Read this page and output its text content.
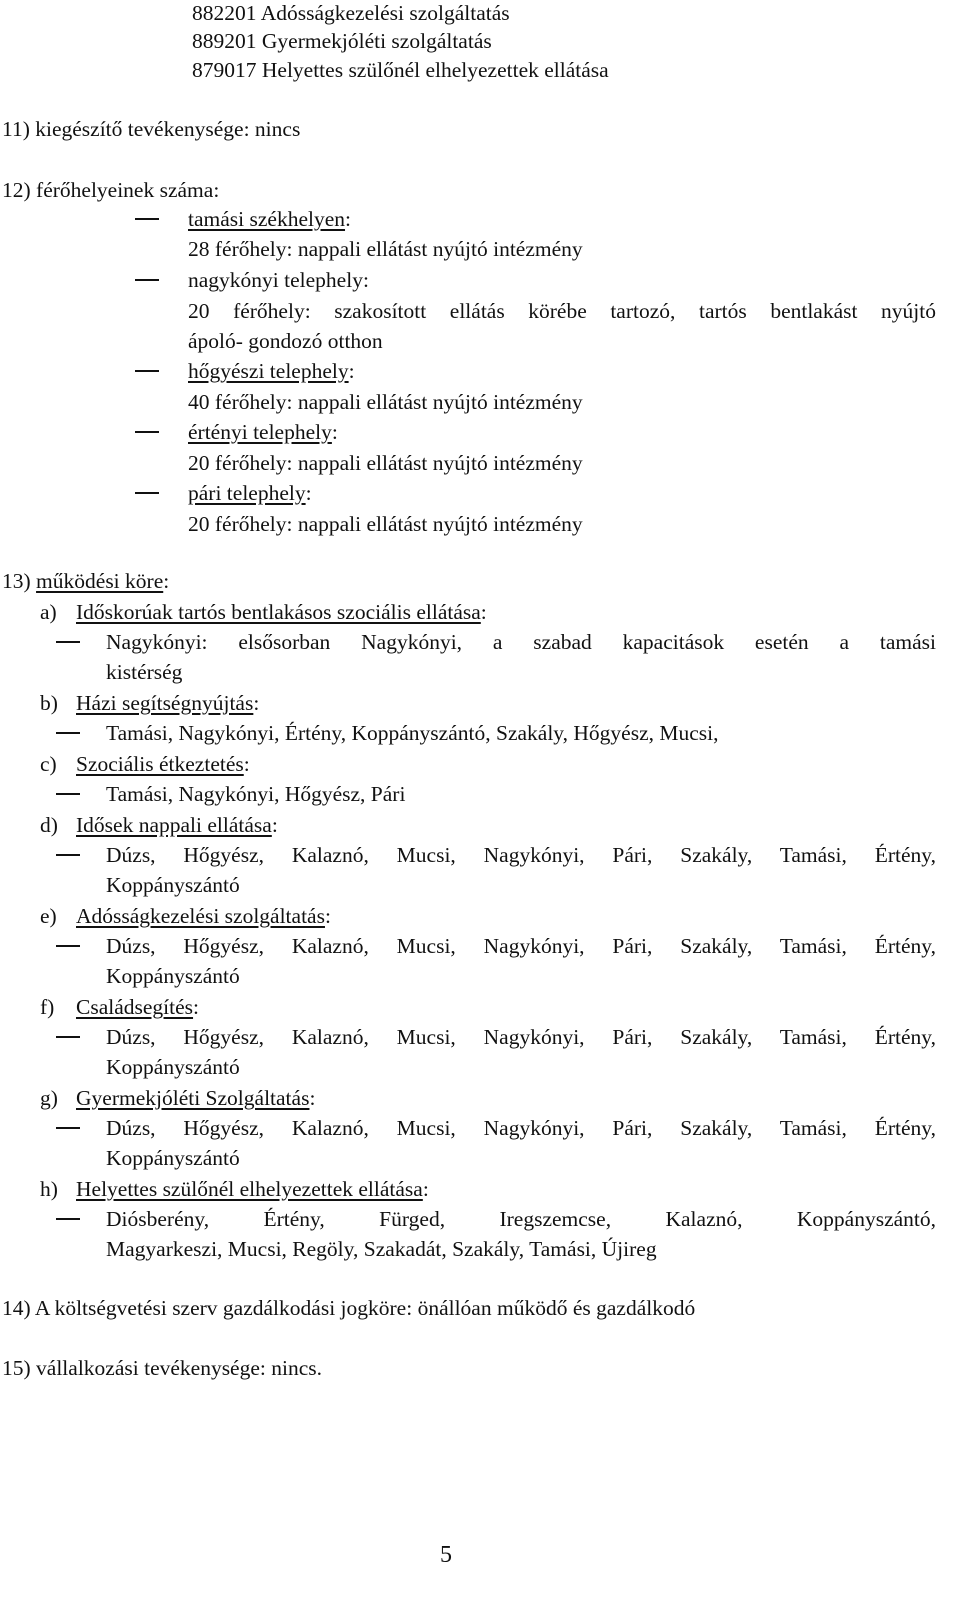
882201 Adósságkezelési szolgáltatás
889201 Gyermekjóléti szolgáltatás
879017 Helyettes szülőnél elhelyezettek ellátása
11) kiegészítő tevékenysége: nincs
12) férőhelyeinek száma:
tamási székhelyen:
28 férőhely: nappali ellátást nyújtó intézmény
nagykónyi telephely:
20 férőhely: szakosított ellátás körébe tartozó, tartós bentlakást nyújtó
ápoló- gondozó otthon
hőgyészi telephely:
40 férőhely: nappali ellátást nyújtó intézmény
értényi telephely:
20 férőhely: nappali ellátást nyújtó intézmény
pári telephely:
20 férőhely: nappali ellátást nyújtó intézmény
13) működési köre:
a) Időskorúak tartós bentlakásos szociális ellátása:
Nagykónyi: elsősorban Nagykónyi, a szabad kapacitások esetén a tamási
kistérség
b) Házi segítségnyújtás:
Tamási, Nagykónyi, Értény, Koppányszántó, Szakály, Hőgyész, Mucsi,
c) Szociális étkeztetés:
Tamási, Nagykónyi, Hőgyész, Pári
d) Idősek nappali ellátása:
Dúzs, Hőgyész, Kalaznó, Mucsi, Nagykónyi, Pári, Szakály, Tamási, Értény,
Koppányszántó
e) Adósságkezelési szolgáltatás:
Dúzs, Hőgyész, Kalaznó, Mucsi, Nagykónyi, Pári, Szakály, Tamási, Értény,
Koppányszántó
f) Családsegítés:
Dúzs, Hőgyész, Kalaznó, Mucsi, Nagykónyi, Pári, Szakály, Tamási, Értény,
Koppányszántó
g) Gyermekjóléti Szolgáltatás:
Dúzs, Hőgyész, Kalaznó, Mucsi, Nagykónyi, Pári, Szakály, Tamási, Értény,
Koppányszántó
h) Helyettes szülőnél elhelyezettek ellátása:
Diósberény, Értény, Fürged, Iregszemcse, Kalaznó, Koppányszántó,
Magyarkeszi, Mucsi, Regöly, Szakadát, Szakály, Tamási, Újireg
14) A költségvetési szerv gazdálkodási jogköre: önállóan működő és gazdálkodó
15) vállalkozási tevékenysége: nincs.
5
